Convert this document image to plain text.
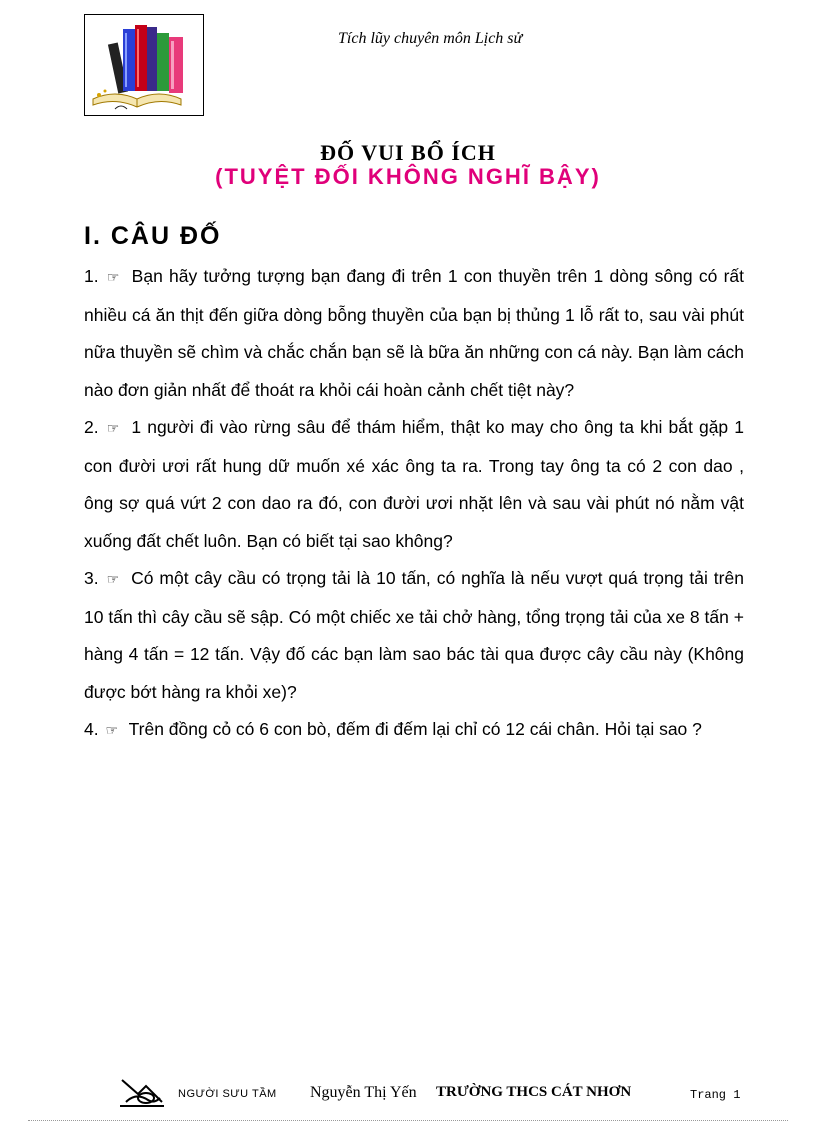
Tích lũy chuyên môn Lịch sử
ĐỐ VUI BỔ ÍCH
(TUYỆT ĐỐI KHÔNG NGHĨ BẬY)
I. CÂU ĐỐ

1. ☞ Bạn hãy tưởng tượng bạn đang đi trên 1 con thuyền trên 1 dòng sông có rất nhiều cá ăn thịt đến giữa dòng bỗng thuyền của bạn bị thủng 1 lỗ rất to, sau vài phút nữa thuyền sẽ chìm và chắc chắn bạn sẽ là bữa ăn những con cá này. Bạn làm cách nào đơn giản nhất để thoát ra khỏi cái hoàn cảnh chết tiệt này?

2. ☞ 1 người đi vào rừng sâu để thám hiểm, thật ko may cho ông ta khi bắt gặp 1 con đười ươi rất hung dữ muốn xé xác ông ta ra. Trong tay ông ta có 2 con dao , ông sợ quá vứt 2 con dao ra đó, con đười ươi nhặt lên và sau vài phút nó nằm vật xuống đất chết luôn. Bạn có biết tại sao không?

3. ☞ Có một cây cầu có trọng tải là 10 tấn, có nghĩa là nếu vượt quá trọng tải trên 10 tấn thì cây cầu sẽ sập. Có một chiếc xe tải chở hàng, tổng trọng tải của xe 8 tấn + hàng 4 tấn = 12 tấn. Vậy đố các bạn làm sao bác tài qua được cây cầu này (Không được bớt hàng ra khỏi xe)?

4. ☞ Trên đồng cỏ có 6 con bò, đếm đi đếm lại chỉ có 12 cái chân. Hỏi tại sao ?

NGƯỜI SƯU TẦM Nguyễn Thị Yến TRƯỜNG THCS CÁT NHƠN	Trang 1
